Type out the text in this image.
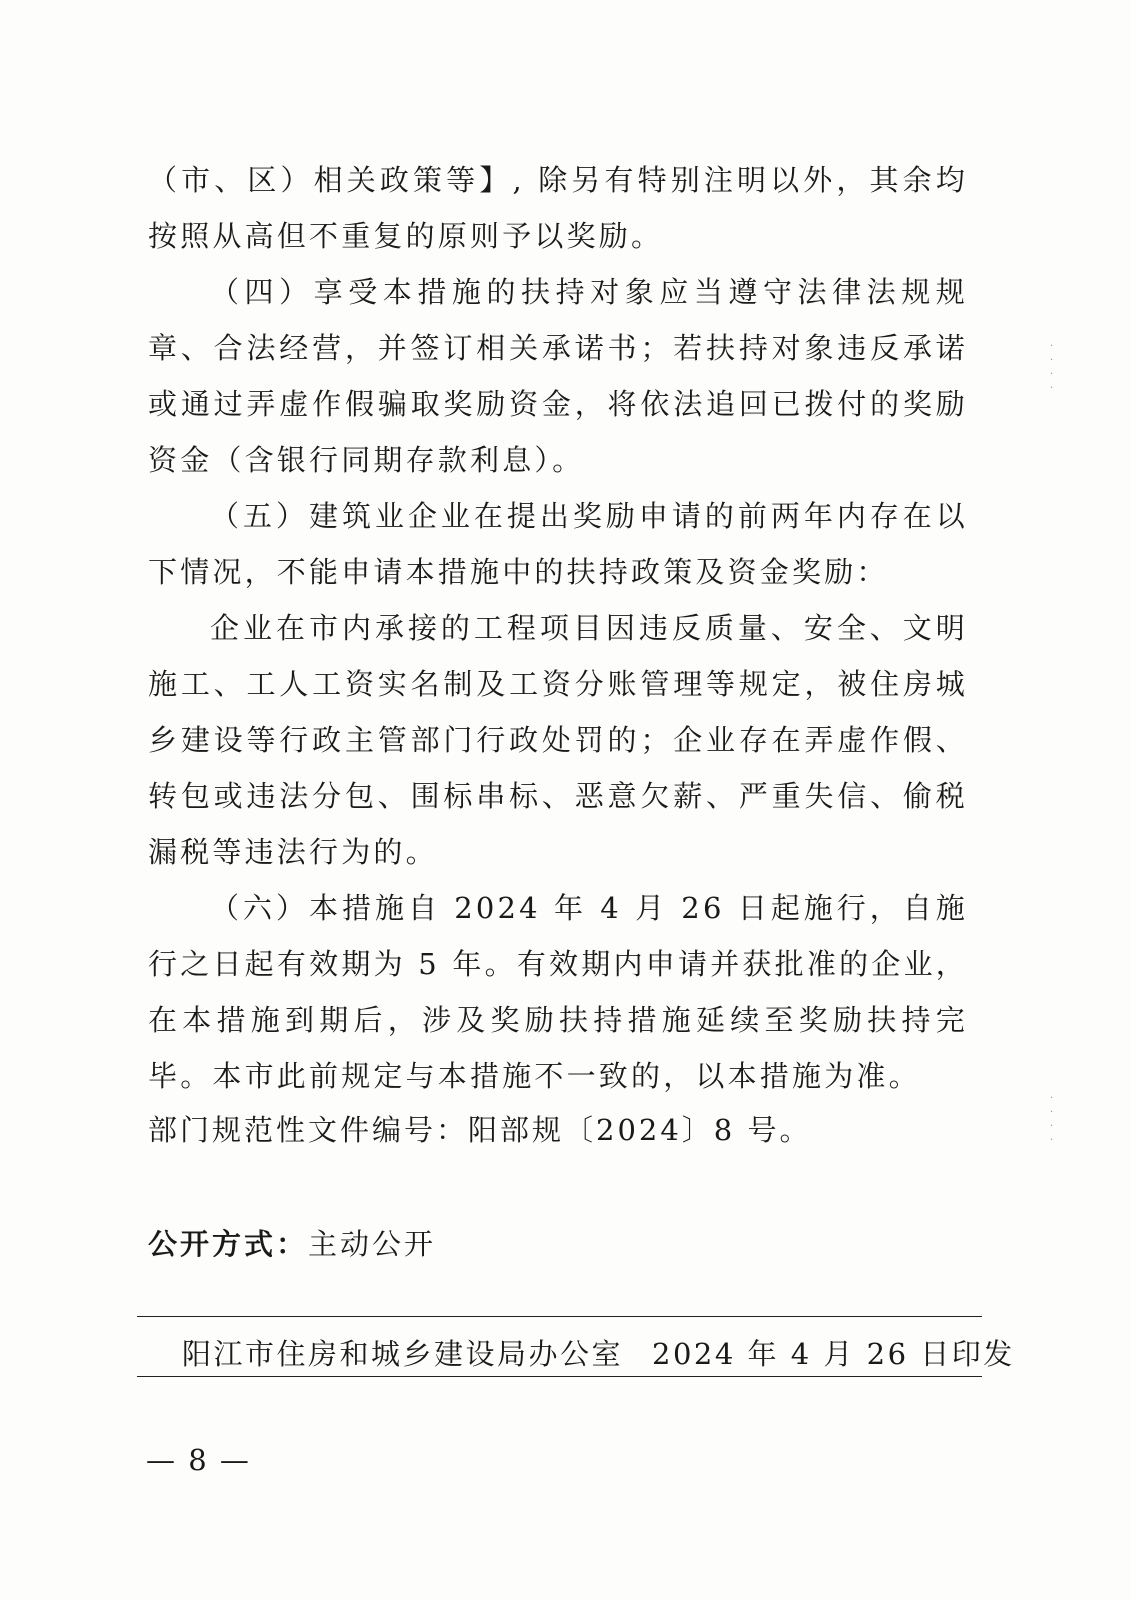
（市、区）相关政策等】, 除另有特别注明以外，其余均按照从高但不重复的原则予以奖励。

（四）享受本措施的扶持对象应当遵守法律法规规章、合法经营，并签订相关承诺书；若扶持对象违反承诺或通过弄虚作假骗取奖励资金，将依法追回已拨付的奖励资金（含银行同期存款利息）。

（五）建筑业企业在提出奖励申请的前两年内存在以下情况，不能申请本措施中的扶持政策及资金奖励：

企业在市内承接的工程项目因违反质量、安全、文明施工、工人工资实名制及工资分账管理等规定，被住房城乡建设等行政主管部门行政处罚的；企业存在弄虚作假、转包或违法分包、围标串标、恶意欠薪、严重失信、偷税漏税等违法行为的。

（六）本措施自 2024 年 4 月 26 日起施行，自施行之日起有效期为 5 年。有效期内申请并获批准的企业，在本措施到期后，涉及奖励扶持措施延续至奖励扶持完毕。本市此前规定与本措施不一致的，以本措施为准。

部门规范性文件编号：阳部规〔2024〕8 号。

公开方式：主动公开

阳江市住房和城乡建设局办公室 2024 年 4 月 26 日印发

— 8 —

·
·
·
·
·
·
·
·
